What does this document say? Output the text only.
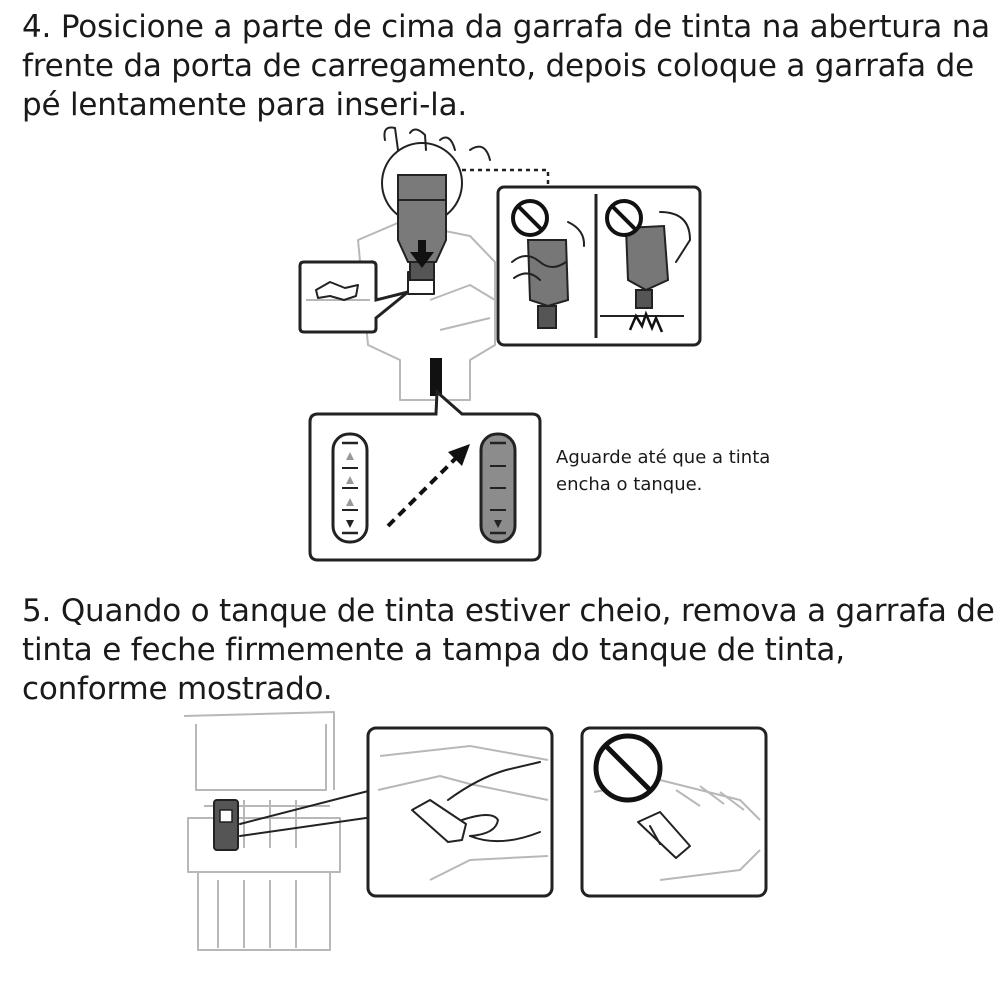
4. Posicione a parte de cima da garrafa de tinta na abertura na frente da porta de carregamento, depois coloque a garrafa de pé lentamente para inseri-la.

Aguarde até que a tinta encha o tanque.

5. Quando o tanque de tinta estiver cheio, remova a garrafa de tinta e feche firmemente a tampa do tanque de tinta, conforme mostrado.
